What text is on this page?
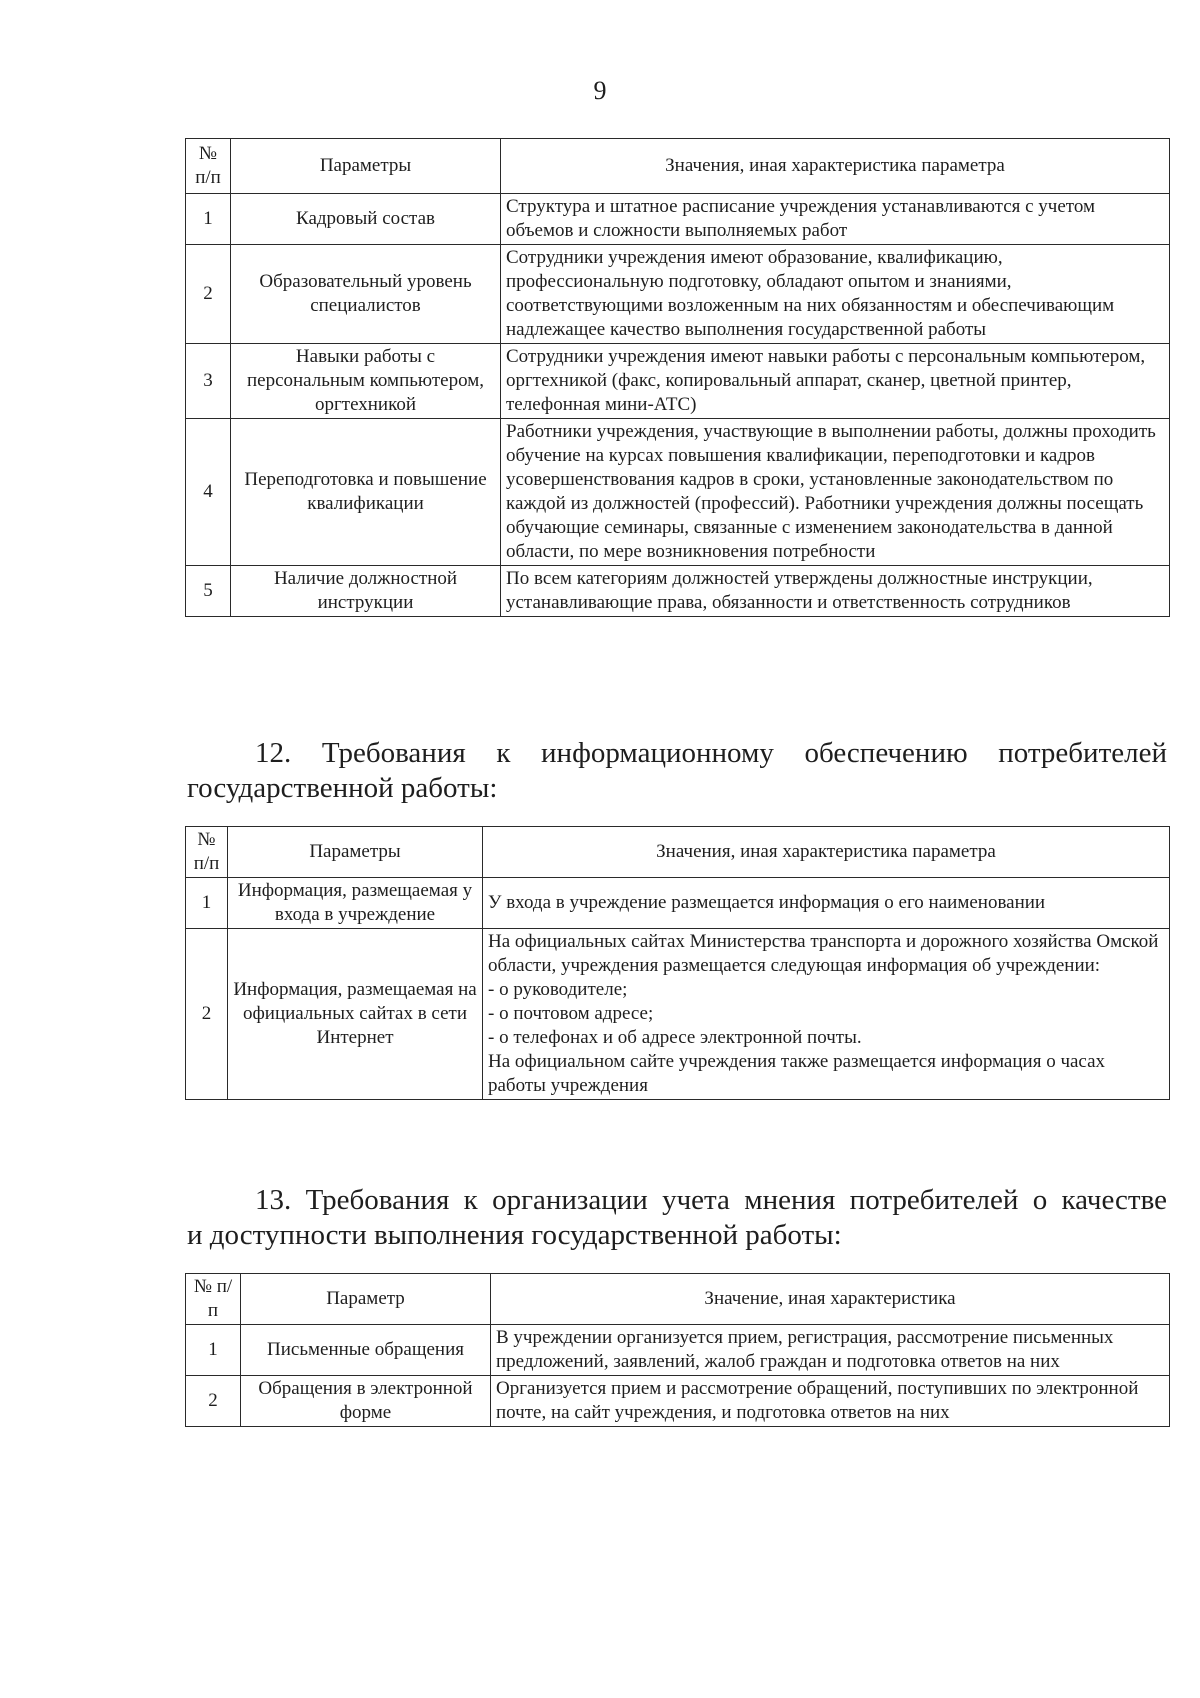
9
№ п/п	Параметры	Значения, иная характеристика параметра
1	Кадровый состав	Структура и штатное расписание учреждения устанавливаются с учетом объемов и сложности выполняемых работ

2	Образовательный уровень специалистов	Сотрудники учреждения имеют образование, квалификацию, профессиональную подготовку, обладают опытом и знаниями, соответствующими возложенным на них обязанностям и обеспечивающим надлежащее качество выполнения государственной работы

3	Навыки работы с персональным компьютером, оргтехникой	Сотрудники учреждения имеют навыки работы с персональным компьютером, оргтехникой (факс, копировальный аппарат, сканер, цветной принтер, телефонная мини-АТС)

4	Переподготовка и повышение квалификации	Работники учреждения, участвующие в выполнении работы, должны проходить обучение на курсах повышения квалификации, переподготовки и кадров усовершенствования кадров в сроки, установленные законодательством по каждой из должностей (профессий). Работники учреждения должны посещать обучающие семинары, связанные с изменением законодательства в данной области, по мере возникновения потребности

5	Наличие должностной инструкции	По всем категориям должностей утверждены должностные инструкции, устанавливающие права, обязанности и ответственность сотрудников
12. Требования к информационному обеспечению потребителей
государственной работы:
№ п/п	Параметры	Значения, иная характеристика параметра
1	Информация, размещаемая у входа в учреждение	У входа в учреждение размещается информация о его наименовании

2	Информация, размещаемая на официальных сайтах в сети Интернет	На официальных сайтах Министерства транспорта и дорожного хозяйства Омской области, учреждения размещается следующая информация об учреждении:
- о руководителе;
- о почтовом адресе;
- о телефонах и об адресе электронной почты.
На официальном сайте учреждения также размещается информация о часах работы учреждения
13. Требования к организации учета мнения потребителей о качестве
и доступности выполнения государственной работы:
№ п/п	Параметр	Значение, иная характеристика
1	Письменные обращения	В учреждении организуется прием, регистрация, рассмотрение письменных предложений, заявлений, жалоб граждан и подготовка ответов на них

2	Обращения в электронной форме	Организуется прием и рассмотрение обращений, поступивших по электронной почте, на сайт учреждения, и подготовка ответов на них
